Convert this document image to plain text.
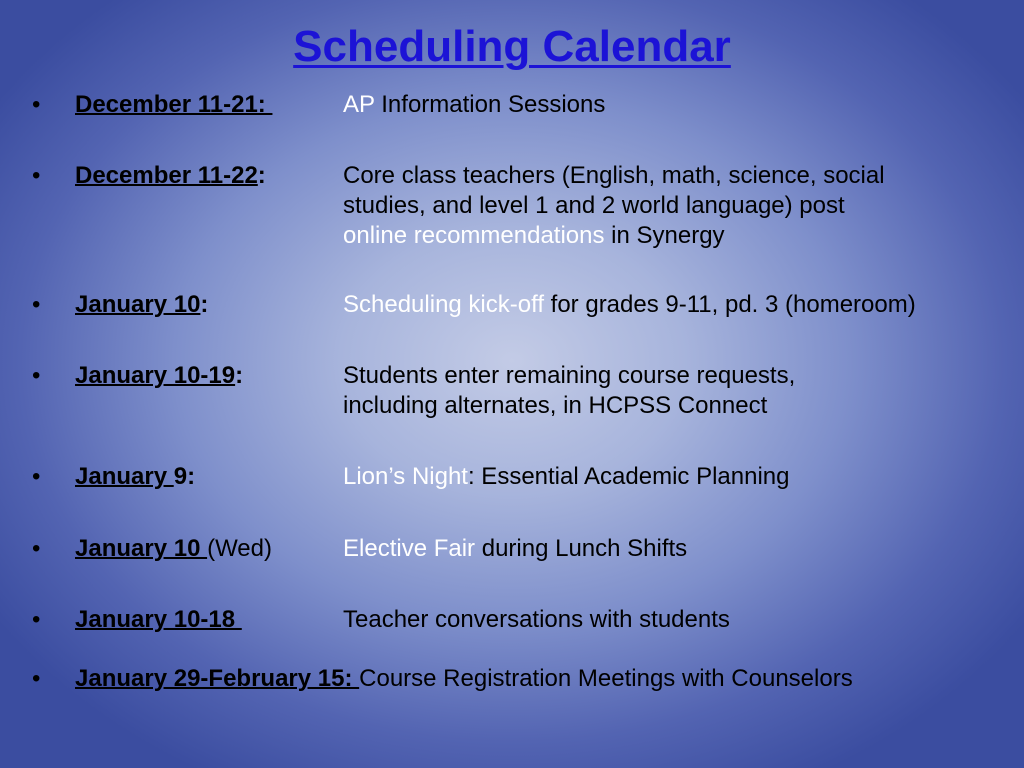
Scheduling Calendar
• December 11-21:	AP Information Sessions
• December 11-22:	Core class teachers (English, math, science, social
studies, and level 1 and 2 world language) post
online recommendations in Synergy
• January 10:	Scheduling kick-off for grades 9-11, pd. 3 (homeroom)
• January 10-19:	Students enter remaining course requests,
including alternates, in HCPSS Connect
• January 9:	Lion’s Night: Essential Academic Planning
• January 10 (Wed)	Elective Fair during Lunch Shifts
• January 10-18	Teacher conversations with students
• January 29-February 15: Course Registration Meetings with Counselors
